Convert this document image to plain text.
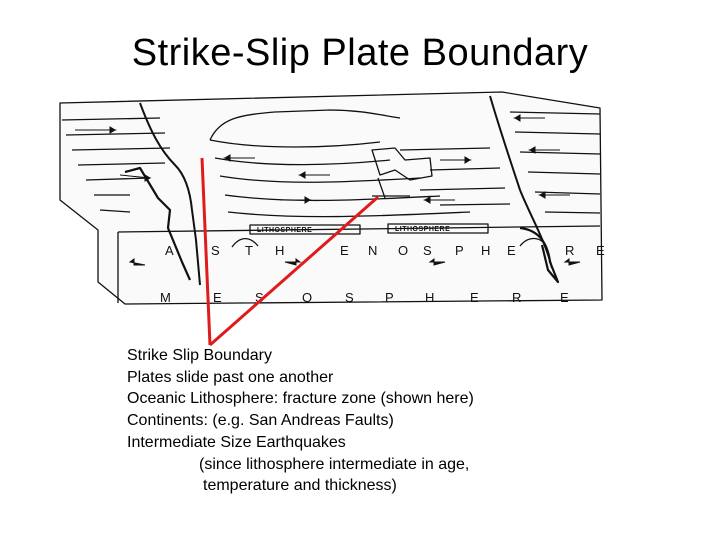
Strike-Slip Plate Boundary
LITHOSPHERE	LITHOSPHERE
A	S T H	E N O S P H E	R E
M	E	S	O	S P H	E	R	E
Strike Slip Boundary
Plates slide past one another
Oceanic Lithosphere: fracture zone (shown here)
Continents: (e.g. San Andreas Faults)
Intermediate Size Earthquakes
(since lithosphere intermediate in age,
temperature and thickness)
